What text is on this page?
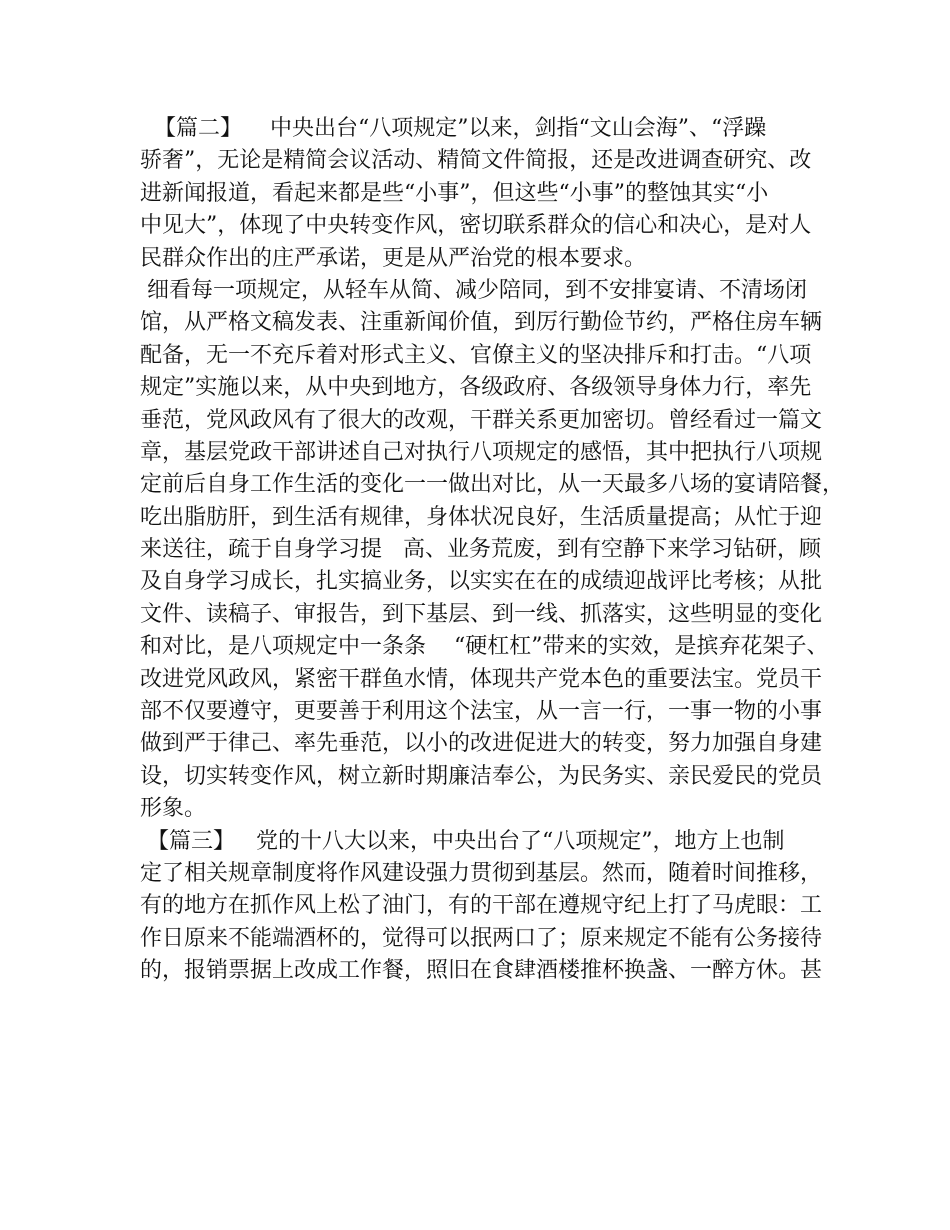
【篇二】    中央出台“八项规定”以来，剑指“文山会海”、“浮躁
骄奢”，无论是精简会议活动、精简文件简报，还是改进调查研究、改
进新闻报道，看起来都是些“小事”，但这些“小事”的整蚀其实“小
中见大”，体现了中央转变作风，密切联系群众的信心和决心，是对人
民群众作出的庄严承诺，更是从严治党的根本要求。
细看每一项规定，从轻车从简、减少陪同，到不安排宴请、不清场闭
馆，从严格文稿发表、注重新闻价值，到厉行勤俭节约，严格住房车辆
配备，无一不充斥着对形式主义、官僚主义的坚决排斥和打击。“八项
规定”实施以来，从中央到地方，各级政府、各级领导身体力行，率先
垂范，党风政风有了很大的改观，干群关系更加密切。曾经看过一篇文
章，基层党政干部讲述自己对执行八项规定的感悟，其中把执行八项规
定前后自身工作生活的变化一一做出对比，从一天最多八场的宴请陪餐，
吃出脂肪肝，到生活有规律，身体状况良好，生活质量提高；从忙于迎
来送往，疏于自身学习提   高、业务荒废，到有空静下来学习钻研，顾
及自身学习成长，扎实搞业务，以实实在在的成绩迎战评比考核；从批
文件、读稿子、审报告，到下基层、到一线、抓落实，这些明显的变化
和对比，是八项规定中一条条    “硬杠杠”带来的实效，是摈弃花架子、
改进党风政风，紧密干群鱼水情，体现共产党本色的重要法宝。党员干
部不仅要遵守，更要善于利用这个法宝，从一言一行，一事一物的小事
做到严于律己、率先垂范，以小的改进促进大的转变，努力加强自身建
设，切实转变作风，树立新时期廉洁奉公，为民务实、亲民爱民的党员
形象。
【篇三】   党的十八大以来，中央出台了“八项规定”，地方上也制
定了相关规章制度将作风建设强力贯彻到基层。然而，随着时间推移，
有的地方在抓作风上松了油门，有的干部在遵规守纪上打了马虎眼：工
作日原来不能端酒杯的，觉得可以抿两口了；原来规定不能有公务接待
的，报销票据上改成工作餐，照旧在食肆酒楼推杯换盏、一醉方休。甚
